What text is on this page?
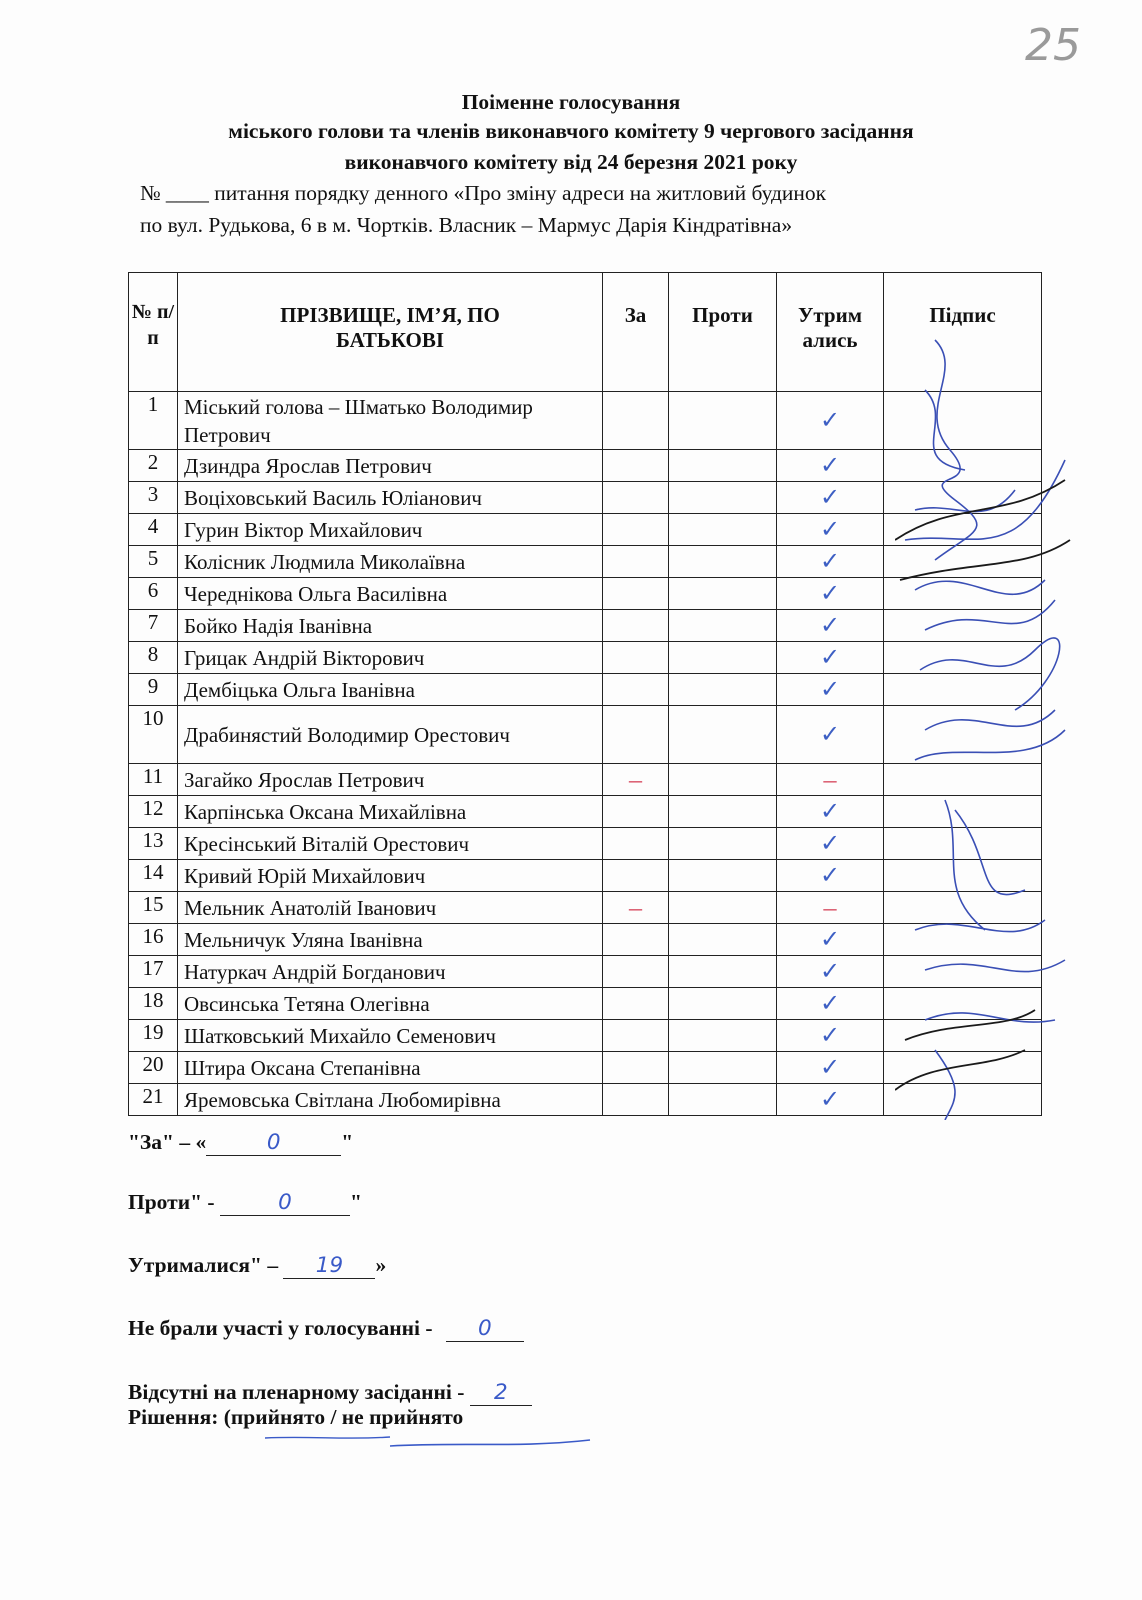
25
Поіменне голосування
міського голови та членів виконавчого комітету 9 чергового засідання
виконавчого комітету від 24 березня 2021 року
№ ____ питання порядку денного «Про зміну адреси на житловий будинок
по вул. Рудькова, 6 в м. Чортків. Власник – Мармус Дарія Кіндратівна»
№ п/ п	ПРІЗВИЩЕ, ІМ’Я, ПО БАТЬКОВІ	За	Проти	Утрим ались	Підпис
1	Міський голова – Шматько Володимир Петрович			✓	
2	Дзиндра Ярослав Петрович			✓	
3	Воціховський Василь Юліанович			✓	
4	Гурин Віктор Михайлович			✓	
5	Колісник Людмила Миколаївна			✓	
6	Череднікова Ольга Василівна			✓	
7	Бойко Надія Іванівна			✓	
8	Грицак Андрій Вікторович			✓	
9	Дембіцька Ольга Іванівна			✓	
10	Драбинястий Володимир Орестович			✓	
11	Загайко Ярослав Петрович	–		–	
12	Карпінська Оксана Михайлівна			✓	
13	Кресінський Віталій Орестович			✓	
14	Кривий Юрій Михайлович			✓	
15	Мельник Анатолій Іванович	–		–	
16	Мельничук Уляна Іванівна			✓	
17	Натуркач Андрій Богданович			✓	
18	Овсинська Тетяна Олегівна			✓	
19	Шатковський Михайло Семенович			✓	
20	Штира Оксана Степанівна			✓	
21	Яремовська Світлана Любомирівна			✓	
"За" – «	0	"
Проти" -	0	"
Утрималися" – 19 »
Не брали участі у голосуванні - 0
Відсутні на пленарному засіданні - 2
Рішення: (прийнято / не прийнято
